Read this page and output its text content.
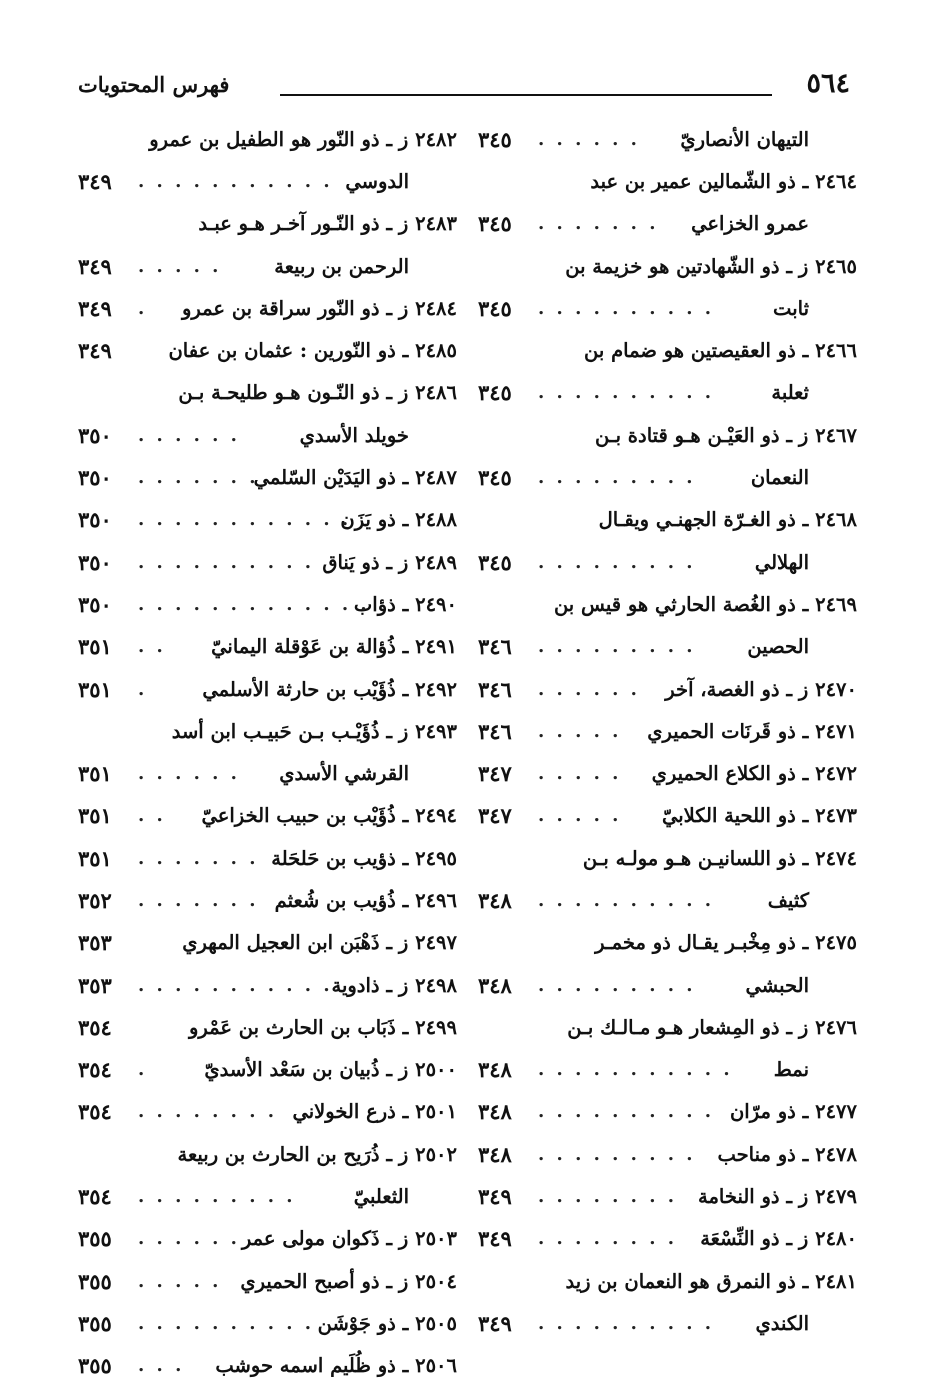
٥٦٤
فهرس المحتويات
التيهان الأنصاريّ
. . . . . .
٣٤٥
٢٤٦٤ ـ ذو الشّمالين عمير بن عبد
عمرو الخزاعي
. . . . . . .
٣٤٥
٢٤٦٥ ز ـ ذو الشّهادتين هو خزيمة بن
ثابت
. . . . . . . . . .
٣٤٥
٢٤٦٦ ـ ذو العقيصتين هو ضمام بن
ثعلبة
. . . . . . . . . .
٣٤٥
٢٤٦٧ ز ـ ذو العَيْـن هـو قتادة بـن
النعمان
. . . . . . . . .
٣٤٥
٢٤٦٨ ـ ذو الغـرّة الجهنـي ويقـال
الهلالي
. . . . . . . . .
٣٤٥
٢٤٦٩ ـ ذو الغُصة الحارثي هو قيس بن
الحصين
. . . . . . . . .
٣٤٦
٢٤٧٠ ز ـ ذو الغصة، آخر
. . . . . .
٣٤٦
٢٤٧١ ـ ذو قَرنَات الحميري
. . . . .
٣٤٦
٢٤٧٢ ـ ذو الكلاع الحميري
. . . . .
٣٤٧
٢٤٧٣ ـ ذو اللحية الكلابيّ
. . . . .
٣٤٧
٢٤٧٤ ـ ذو اللسانيـن هـو مولـه بـن
كثيف
. . . . . . . . . .
٣٤٨
٢٤٧٥ ـ ذو مِخْبـر يقـال ذو مخمـر
الحبشي
. . . . . . . . .
٣٤٨
٢٤٧٦ ز ـ ذو المِشعار هـو مـالـك بـن
نمط
. . . . . . . . . . .
٣٤٨
٢٤٧٧ ـ ذو مرّان
. . . . . . . . . .
٣٤٨
٢٤٧٨ ـ ذو مناحب
. . . . . . . . .
٣٤٨
٢٤٧٩ ز ـ ذو النخامة
. . . . . . . .
٣٤٩
٢٤٨٠ ز ـ ذو النِّسْعَة
. . . . . . . .
٣٤٩
٢٤٨١ ـ ذو النمرق هو النعمان بن زيد
الكندي
. . . . . . . . . .
٣٤٩
٢٤٨٢ ز ـ ذو النّور هو الطفيل بن عمرو
الدوسي
. . . . . . . . . . .
٣٤٩
٢٤٨٣ ز ـ ذو النّـور آخـر هـو عبـد
الرحمن بن ربيعة
. . . . .
٣٤٩
٢٤٨٤ ز ـ ذو النّور سراقة بن عمرو
.
٣٤٩
٢٤٨٥ ـ ذو النّورين : عثمان بن عفان
٣٤٩
٢٤٨٦ ز ـ ذو النّـون هـو طليحـة بـن
خويلد الأسدي
. . . . . .
٣٥٠
٢٤٨٧ ـ ذو اليَدَيْن السّلمي
. . . . . . .
٣٥٠
٢٤٨٨ ـ ذو يَزَن
. . . . . . . . . . . .
٣٥٠
٢٤٨٩ ز ـ ذو يَناق
. . . . . . . . . .
٣٥٠
٢٤٩٠ ـ ذؤاب
. . . . . . . . . . . . .
٣٥٠
٢٤٩١ ـ ذُؤالة بن عَوْقلة اليمانيّ
. .
٣٥١
٢٤٩٢ ـ ذُؤَيْب بن حارثة الأسلمي
.
٣٥١
٢٤٩٣ ز ـ ذُؤَيْـب بـن حَبيـب ابن أسد
القرشي الأسدي
. . . . . .
٣٥١
٢٤٩٤ ـ ذُؤَيْب بن حبيب الخزاعيّ
. .
٣٥١
٢٤٩٥ ـ ذؤيب بن حَلحَلة
. . . . . . .
٣٥١
٢٤٩٦ ـ ذُؤيب بن شُعثم
. . . . . . .
٣٥٢
٢٤٩٧ ز ـ ذَهْبَن ابن العجيل المهري
٣٥٣
٢٤٩٨ ز ـ ذادوية
. . . . . . . . . . .
٣٥٣
٢٤٩٩ ـ ذَبَاب بن الحارث بن عَمْرو
٣٥٤
٢٥٠٠ ز ـ ذُبيان بن سَعْد الأسديّ
.
٣٥٤
٢٥٠١ ـ ذرع الخولاني
. . . . . . . .
٣٥٤
٢٥٠٢ ز ـ ذُرَيح بن الحارث بن ربيعة
الثعلبيّ
. . . . . . . . .
٣٥٤
٢٥٠٣ ز ـ ذَكوان مولى عمر
. . . . . .
٣٥٥
٢٥٠٤ ز ـ ذو أصبح الحميري
. . . . .
٣٥٥
٢٥٠٥ ـ ذو جَوْشَن
. . . . . . . . . .
٣٥٥
٢٥٠٦ ـ ذو ظُلَيم اسمه حوشب
. . .
٣٥٥
